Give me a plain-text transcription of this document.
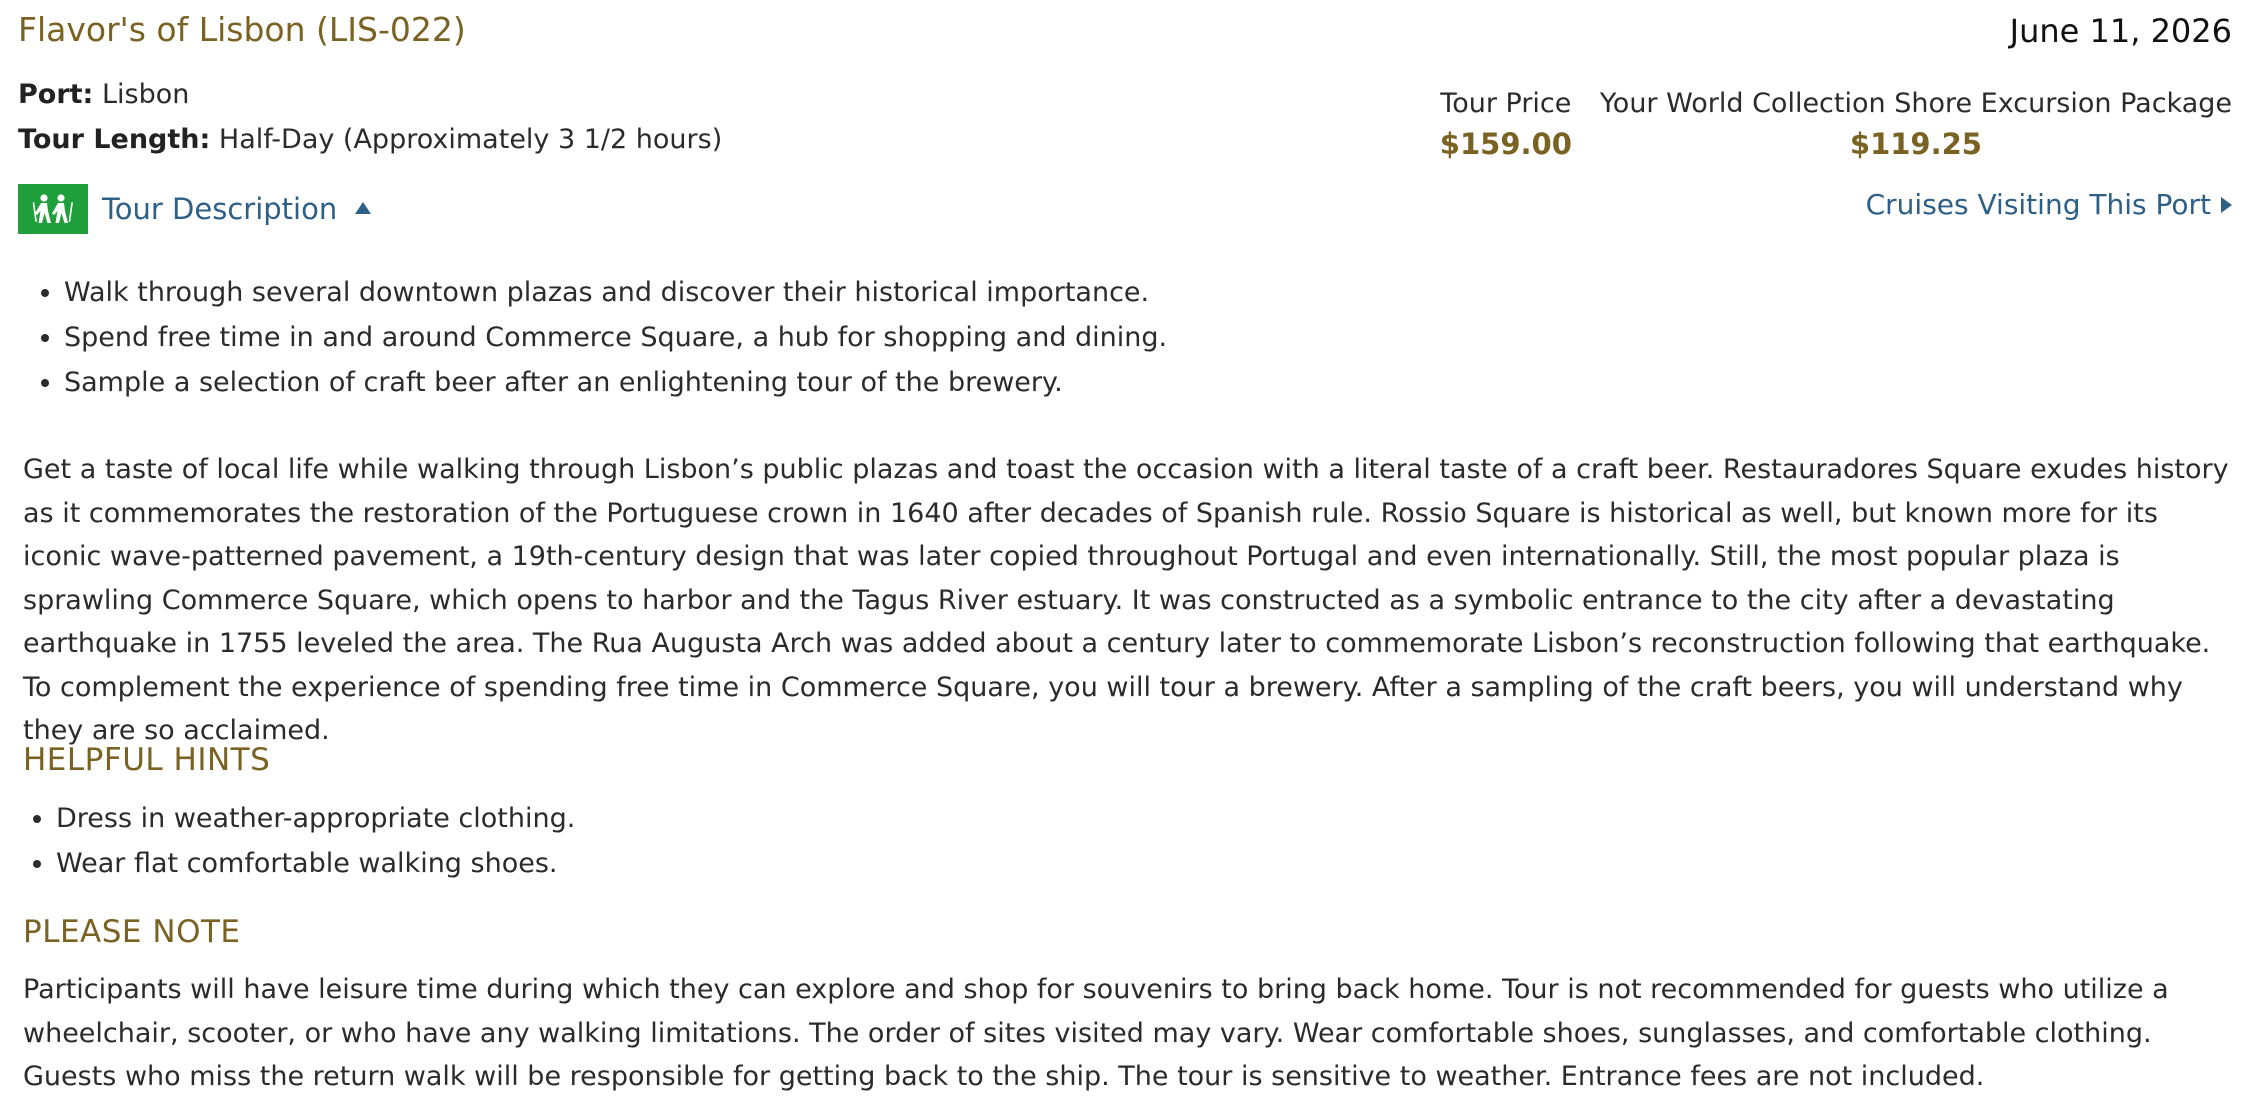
Flavor's of Lisbon (LIS-022)	June 11, 2026
Port: Lisbon
Tour Length: Half-Day (Approximately 3 1/2 hours)
Tour Price
$159.00
Your World Collection Shore Excursion Package
$119.25
Tour Description	Cruises Visiting This Port
• Walk through several downtown plazas and discover their historical importance.
• Spend free time in and around Commerce Square, a hub for shopping and dining.
• Sample a selection of craft beer after an enlightening tour of the brewery.

Get a taste of local life while walking through Lisbon’s public plazas and toast the occasion with a literal taste of a craft beer. Restauradores Square exudes history as it commemorates the restoration of the Portuguese crown in 1640 after decades of Spanish rule. Rossio Square is historical as well, but known more for its iconic wave-patterned pavement, a 19th-century design that was later copied throughout Portugal and even internationally. Still, the most popular plaza is sprawling Commerce Square, which opens to harbor and the Tagus River estuary. It was constructed as a symbolic entrance to the city after a devastating earthquake in 1755 leveled the area. The Rua Augusta Arch was added about a century later to commemorate Lisbon’s reconstruction following that earthquake. To complement the experience of spending free time in Commerce Square, you will tour a brewery. After a sampling of the craft beers, you will understand why they are so acclaimed.

HELPFUL HINTS
• Dress in weather-appropriate clothing.
• Wear flat comfortable walking shoes.
PLEASE NOTE

Participants will have leisure time during which they can explore and shop for souvenirs to bring back home. Tour is not recommended for guests who utilize a wheelchair, scooter, or who have any walking limitations. The order of sites visited may vary. Wear comfortable shoes, sunglasses, and comfortable clothing. Guests who miss the return walk will be responsible for getting back to the ship. The tour is sensitive to weather. Entrance fees are not included.
